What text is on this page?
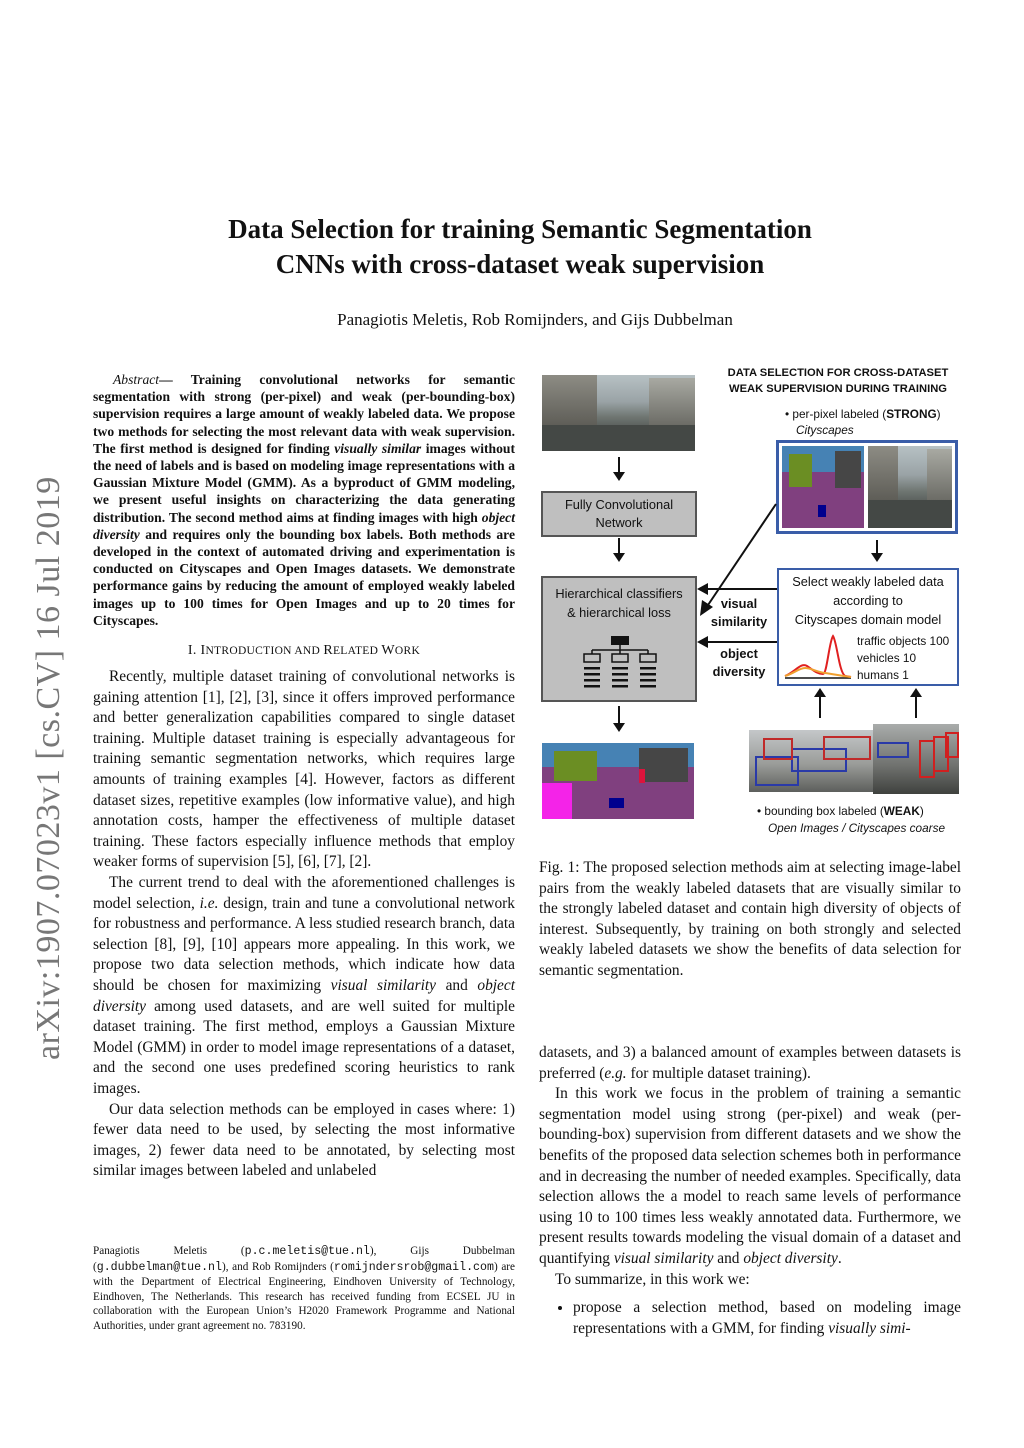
arXiv:1907.07023v1 [cs.CV] 16 Jul 2019
Data Selection for training Semantic Segmentation
CNNs with cross-dataset weak supervision
Panagiotis Meletis, Rob Romijnders, and Gijs Dubbelman

Abstract— Training convolutional networks for semantic segmentation with strong (per-pixel) and weak (per-bounding-box) supervision requires a large amount of weakly labeled data. We propose two methods for selecting the most relevant data with weak supervision. The first method is designed for finding visually similar images without the need of labels and is based on modeling image representations with a Gaussian Mixture Model (GMM). As a byproduct of GMM modeling, we present useful insights on characterizing the data generating distribution. The second method aims at finding images with high object diversity and requires only the bounding box labels. Both methods are developed in the context of automated driving and experimentation is conducted on Cityscapes and Open Images datasets. We demonstrate performance gains by reducing the amount of employed weakly labeled images up to 100 times for Open Images and up to 20 times for Cityscapes.

I. INTRODUCTION AND RELATED WORK

Recently, multiple dataset training of convolutional networks is gaining attention [1], [2], [3], since it offers improved performance and better generalization capabilities compared to single dataset training. Multiple dataset training is especially advantageous for training semantic segmentation networks, which requires large amounts of training examples [4]. However, factors as different dataset sizes, repetitive examples (low informative value), and high annotation costs, hamper the effectiveness of multiple dataset training. These factors especially influence methods that employ weaker forms of supervision [5], [6], [7], [2].

The current trend to deal with the aforementioned challenges is model selection, i.e. design, train and tune a convolutional network for robustness and performance. A less studied research branch, data selection [8], [9], [10] appears more appealing. In this work, we propose two data selection methods, which indicate how data should be chosen for maximizing visual similarity and object diversity among used datasets, and are well suited for multiple dataset training. The first method, employs a Gaussian Mixture Model (GMM) in order to model image representations of a dataset, and the second one uses predefined scoring heuristics to rank images.

Our data selection methods can be employed in cases where: 1) fewer data need to be used, by selecting the most informative images, 2) fewer data need to be annotated, by selecting most similar images between labeled and unlabeled

Panagiotis Meletis (p.c.meletis@tue.nl), Gijs Dubbelman (g.dubbelman@tue.nl), and Rob Romijnders (romijndersrob@gmail.com) are with the Department of Electrical Engineering, Eindhoven University of Technology, Eindhoven, The Netherlands. This research has received funding from ECSEL JU in collaboration with the European Union’s H2020 Framework Programme and National Authorities, under grant agreement no. 783190.
Fully Convolutional
Network
Hierarchical classifiers
& hierarchical loss
DATA SELECTION FOR CROSS-DATASET
WEAK SUPERVISION DURING TRAINING
• per-pixel labeled (STRONG)
Cityscapes
Select weakly labeled data
according to
Cityscapes domain model
traffic objects 100
vehicles 10
humans 1
visual
similarity
object
diversity
• bounding box labeled (WEAK)
Open Images / Cityscapes coarse
Fig. 1: The proposed selection methods aim at selecting image-label pairs from the weakly labeled datasets that are visually similar to the strongly labeled dataset and contain high diversity of objects of interest. Subsequently, by training on both strongly and selected weakly labeled datasets we show the benefits of data selection for semantic segmentation.

datasets, and 3) a balanced amount of examples between datasets is preferred (e.g. for multiple dataset training).

In this work we focus in the problem of training a semantic segmentation model using strong (per-pixel) and weak (per-bounding-box) supervision from different datasets and we show the benefits of the proposed data selection schemes both in performance and in decreasing the number of needed examples. Specifically, data selection allows the a model to reach same levels of performance using 10 to 100 times less weakly annotated data. Furthermore, we present results towards modeling the visual domain of a dataset and quantifying visual similarity and object diversity.

To summarize, in this work we:

• propose a selection method, based on modeling image representations with a GMM, for finding visually simi-
